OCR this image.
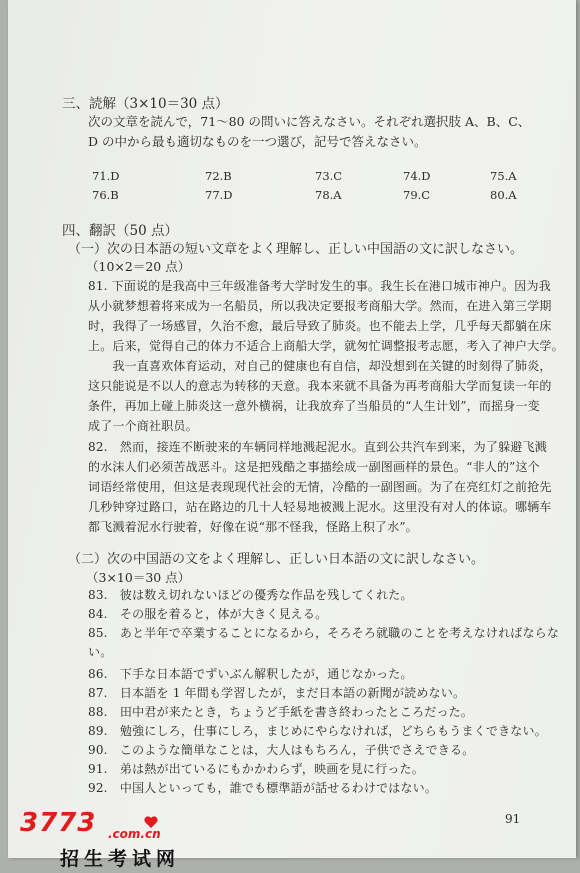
三、読解（3×10＝30 点）
次の文章を読んで，71～80 の問いに答えなさい。それぞれ選択肢 A、B、C、
D の中から最も適切なものを一つ選び，記号で答えなさい。
71.D	72.B	73.C	74.D	75.A
76.B	77.D	78.A	79.C	80.A
四、翻訳（50 点）
（一）次の日本語の短い文章をよく理解し、正しい中国語の文に訳しなさい。
（10×2＝20 点）
81. 下面说的是我高中三年级准备考大学时发生的事。我生长在港口城市神户。因为我
从小就梦想着将来成为一名船员，所以我决定要报考商船大学。然而，在进入第三学期
时，我得了一场感冒，久治不愈，最后导致了肺炎。也不能去上学，几乎每天都躺在床
上。后来，觉得自己的体力不适合上商船大学，就匆忙调整报考志愿，考入了神户大学。
　　我一直喜欢体育运动，对自己的健康也有自信，却没想到在关键的时刻得了肺炎，
这只能说是不以人的意志为转移的天意。我本来就不具备为再考商船大学而复读一年的
条件，再加上碰上肺炎这一意外横祸，让我放弃了当船员的“人生计划”，而摇身一变
成了一个商社职员。
82.　然而，接连不断驶来的车辆同样地溅起泥水。直到公共汽车到来，为了躲避飞溅
的水沫人们必须苦战恶斗。这是把残酷之事描绘成一副图画样的景色。“非人的”这个
词语经常使用，但这是表现现代社会的无情，冷酷的一副图画。为了在亮红灯之前抢先
几秒钟穿过路口，站在路边的几十人轻易地被溅上泥水。这里没有对人的体谅。哪辆车
都飞溅着泥水行驶着，好像在说“那不怪我，怪路上积了水”。
（二）次の中国語の文をよく理解し、正しい日本語の文に訳しなさい。
（3×10＝30 点）
83.　彼は数え切れないほどの優秀な作品を残してくれた。
84.　その服を着ると，体が大きく見える。
85.　あと半年で卒業することになるから，そろそろ就職のことを考えなければならな
い。
86.　下手な日本語でずいぶん解釈したが，通じなかった。
87.　日本語を 1 年間も学習したが，まだ日本語の新聞が読めない。
88.　田中君が来たとき，ちょうど手紙を書き終わったところだった。
89.　勉強にしろ，仕事にしろ，まじめにやらなければ，どちらもうまくできない。
90.　このような簡単なことは，大人はもちろん，子供でさえできる。
91.　弟は熱が出ているにもかかわらず，映画を見に行った。
92.　中国人といっても，誰でも標準語が話せるわけではない。
91
3773 .com.cn
招生考试网
